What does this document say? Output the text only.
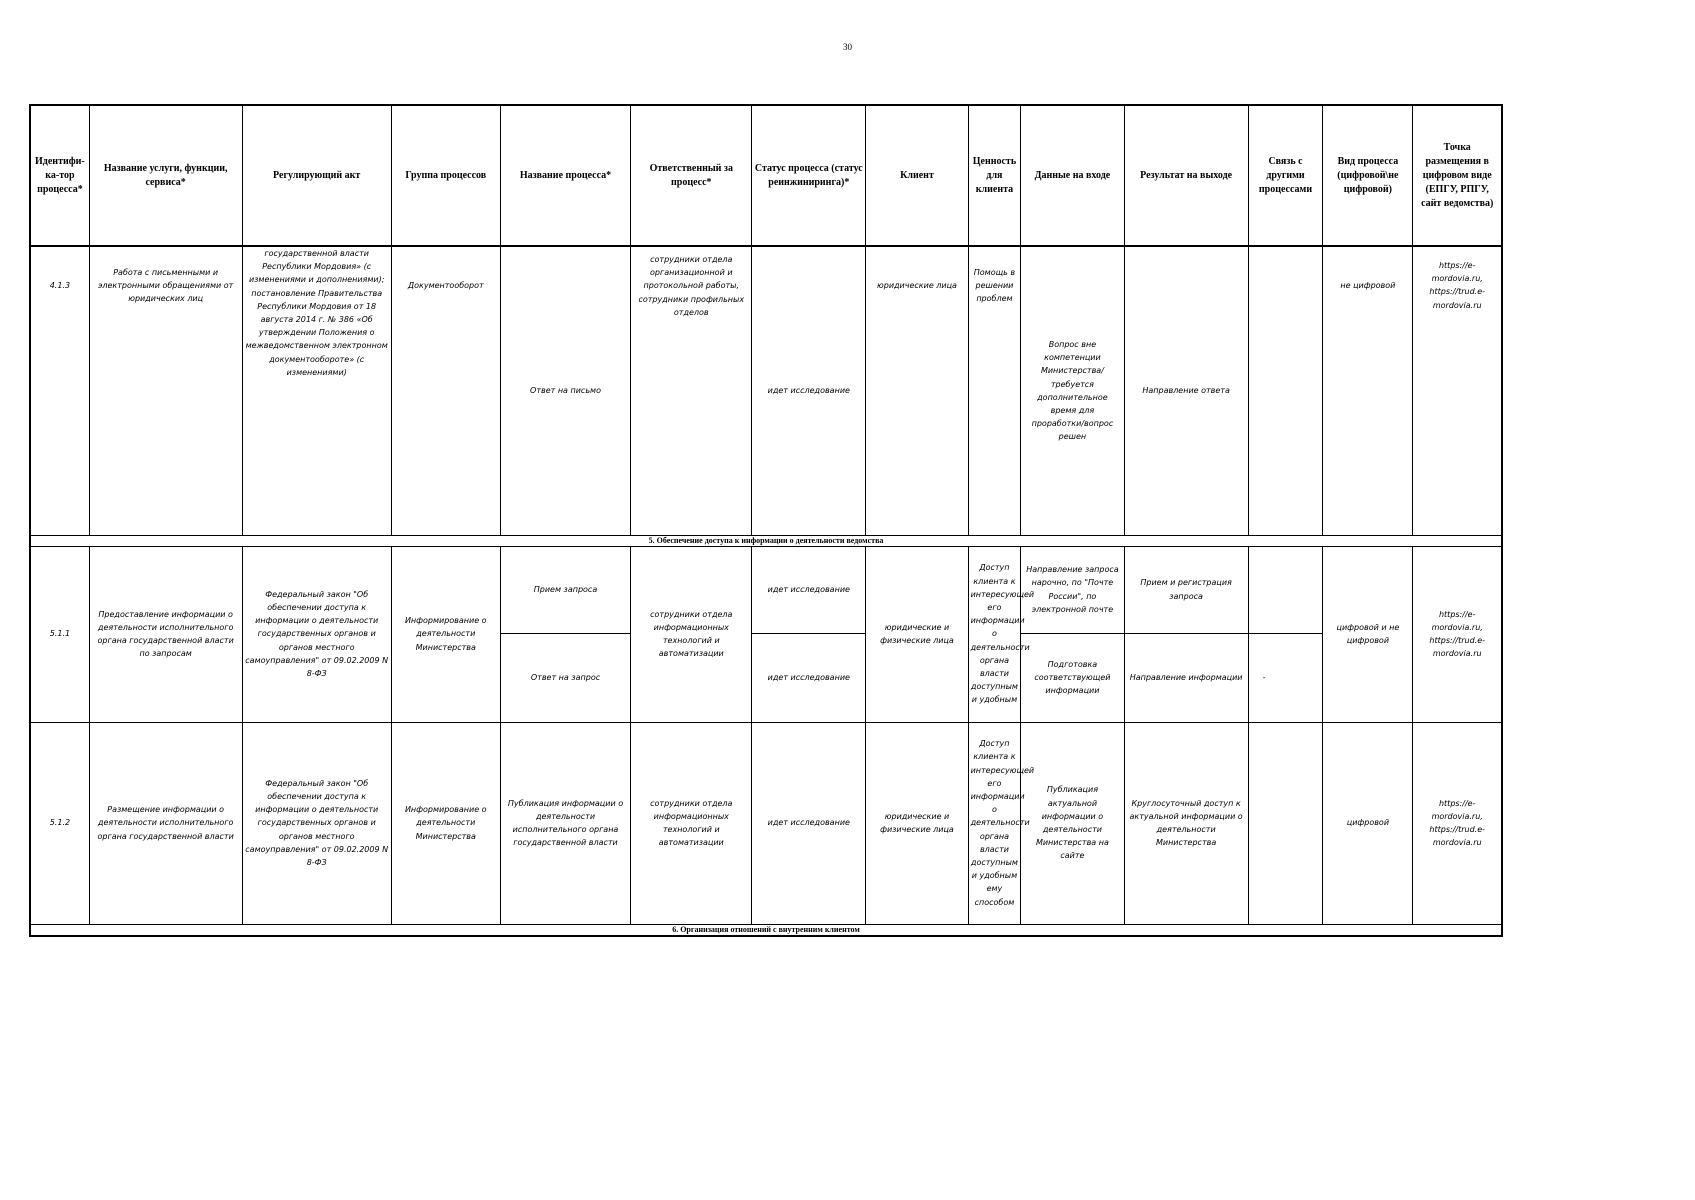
30
Идентифи-ка-тор процесса*	Название услуги, функции, сервиса*	Регулирующий акт	Группа процессов	Название процесса*	Ответственный за процесс*	Статус процесса (статус реинжиниринга)*	Клиент	Ценность для клиента	Данные на входе	Результат на выходе	Связь с другими процессами	Вид процесса (цифровой\не цифровой)	Точка размещения в цифровом виде (ЕПГУ, РПГУ, сайт ведомства)
4.1.3	Работа с письменными и электронными обращениями от юридических лиц	государственной власти Республики Мордовия» (с изменениями и дополнениями); постановление Правительства Республики Мордовия от 18 августа 2014 г. № 386 «Об утверждении Положения о межведомственном электронном документообороте» (с изменениями)	Документооборот	Ответ на письмо	сотрудники отдела организационной и протокольной работы, сотрудники профильных отделов	идет исследование	юридические лица	Помощь в решении проблем	Вопрос вне компетенции Министерства/требуется дополнительное время для проработки/вопрос решен	Направление ответа		не цифровой	https://e-mordovia.ru, https://trud.e-mordovia.ru
5. Обеспечение доступа к информации о деятельности ведомства													
5.1.1	Предоставление информации о деятельности исполнительного органа государственной власти по запросам	Федеральный закон "Об обеспечении доступа к информации о деятельности государственных органов и органов местного самоуправления" от 09.02.2009 N 8-ФЗ	Информирование о деятельности Министерства	Прием запроса	сотрудники отдела информационных технологий и автоматизации	идет исследование	юридические и физические лица	Доступ клиента к интересующей его информации о деятельности органа власти доступным и удобным	Направление запроса нарочно, по "Почте России", по электронной почте	Прием и регистрация запроса		цифровой и не цифровой	https://e-mordovia.ru, https://trud.e-mordovia.ru
				Ответ на запрос		идет исследование			Подготовка соответствующей информации	Направление информации	-		
5.1.2	Размещение информации о деятельности исполнительного органа государственной власти	Федеральный закон "Об обеспечении доступа к информации о деятельности государственных органов и органов местного самоуправления" от 09.02.2009 N 8-ФЗ	Информирование о деятельности Министерства	Публикация информации о деятельности исполнительного органа государственной власти	сотрудники отдела информационных технологий и автоматизации	идет исследование	юридические и физические лица	Доступ клиента к интересующей его информации о деятельности органа власти доступным и удобным ему способом	Публикация актуальной информации о деятельности Министерства на сайте	Круглосуточный доступ к актуальной информации о деятельности Министерства		цифровой	https://e-mordovia.ru, https://trud.e-mordovia.ru
6. Организация отношений с внутренним клиентом													
